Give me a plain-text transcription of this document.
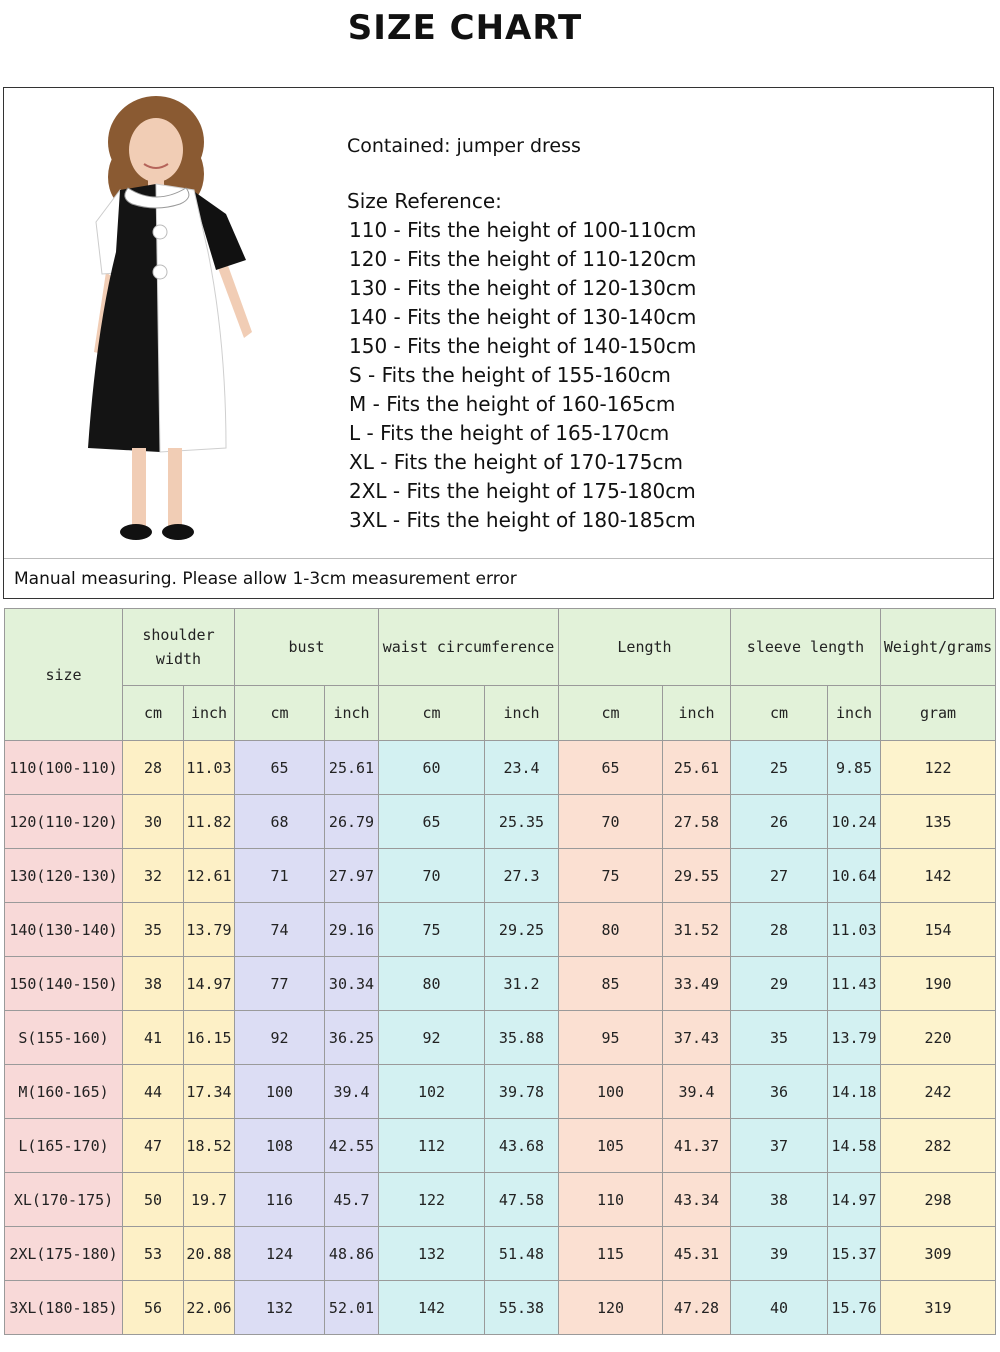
SIZE CHART
Contained: jumper dress
Size Reference:
110 - Fits the height of 100-110cm
120 - Fits the height of 110-120cm
130 - Fits the height of 120-130cm
140 - Fits the height of 130-140cm
150 - Fits the height of 140-150cm
S - Fits the height of 155-160cm
M - Fits the height of 160-165cm
L - Fits the height of 165-170cm
XL - Fits the height of 170-175cm
2XL - Fits the height of 175-180cm
3XL - Fits the height of 180-185cm
Manual measuring. Please allow 1-3cm measurement error
size	shoulder width		bust		waist circumference		Length		sleeve length		Weight/grams
	cm	inch	cm	inch	cm	inch	cm	inch	cm	inch	gram
110(100-110)	28	11.03	65	25.61	60	23.4	65	25.61	25	9.85	122
120(110-120)	30	11.82	68	26.79	65	25.35	70	27.58	26	10.24	135
130(120-130)	32	12.61	71	27.97	70	27.3	75	29.55	27	10.64	142
140(130-140)	35	13.79	74	29.16	75	29.25	80	31.52	28	11.03	154
150(140-150)	38	14.97	77	30.34	80	31.2	85	33.49	29	11.43	190
S(155-160)	41	16.15	92	36.25	92	35.88	95	37.43	35	13.79	220
M(160-165)	44	17.34	100	39.4	102	39.78	100	39.4	36	14.18	242
L(165-170)	47	18.52	108	42.55	112	43.68	105	41.37	37	14.58	282
XL(170-175)	50	19.7	116	45.7	122	47.58	110	43.34	38	14.97	298
2XL(175-180)	53	20.88	124	48.86	132	51.48	115	45.31	39	15.37	309
3XL(180-185)	56	22.06	132	52.01	142	55.38	120	47.28	40	15.76	319
